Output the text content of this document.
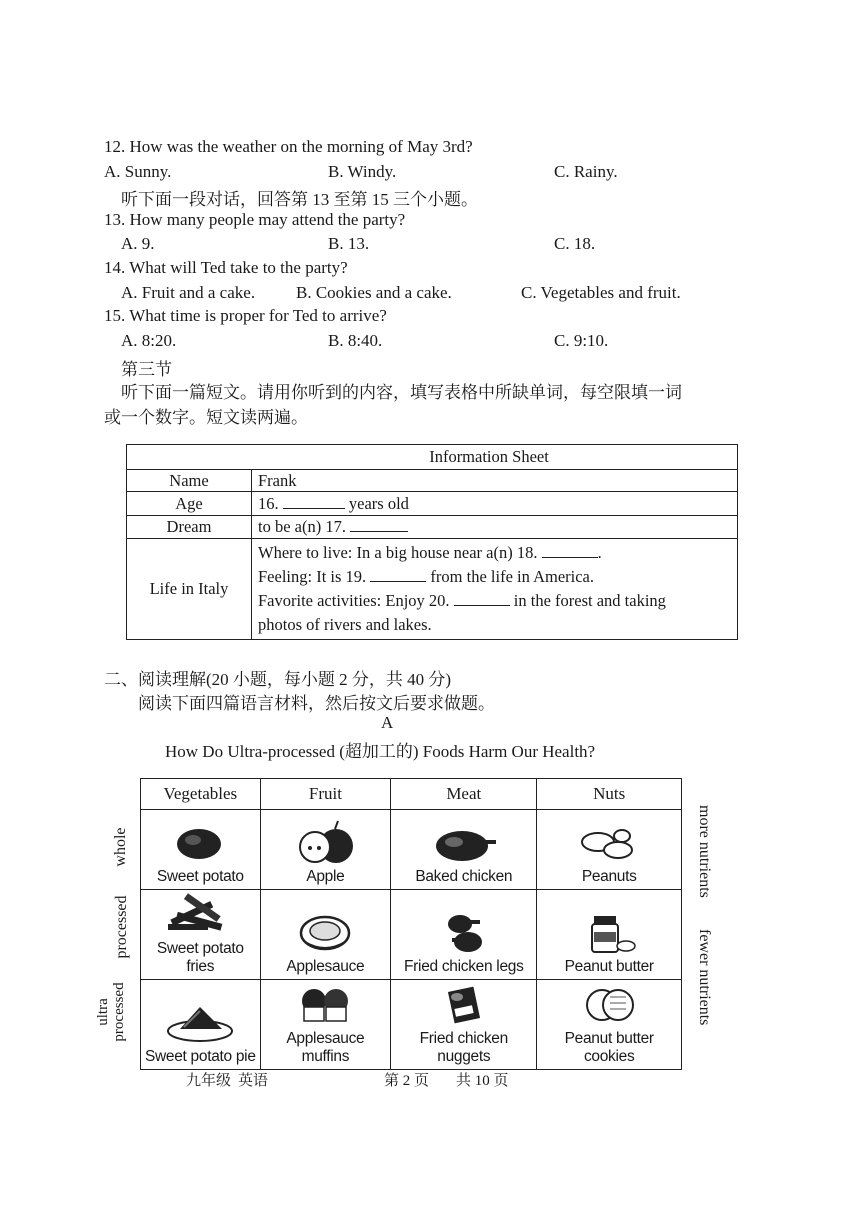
12. How was the weather on the morning of May 3rd?
A. Sunny.	B. Windy.	C. Rainy.
听下面一段对话，回答第 13 至第 15 三个小题。
13. How many people may attend the party?
A. 9.	B. 13.	C. 18.
14. What will Ted take to the party?
A. Fruit and a cake. B. Cookies and a cake.	C. Vegetables and fruit.
15. What time is proper for Ted to arrive?
A. 8:20.	B. 8:40.	C. 9:10.
第三节
听下面一篇短文。请用你听到的内容，填写表格中所缺单词，每空限填一词
或一个数字。短文读两遍。
Information Sheet	
Name	Frank
Age	16. years old
Dream	to be a(n) 17.
Life in Italy	Where to live: In a big house near a(n) 18. .
Feeling: It is 19. from the life in America.
Favorite activities: Enjoy 20. in the forest and taking
photos of rivers and lakes.
二、阅读理解(20 小题，每小题 2 分，共 40 分)
阅读下面四篇语言材料，然后按文后要求做题。
A
How Do Ultra-processed (超加工的) Foods Harm Our Health?
whole
processed
ultra processed
Vegetables	Fruit	Meat	Nuts

Sweet potato	Apple	Baked chicken	Peanuts

Sweet potato fries	Applesauce	Fried chicken legs	Peanut butter

Sweet potato pie	Applesauce muffins	Fried chicken nuggets	Peanut butter cookies
more nutrients
fewer nutrients
九年级 英语	第 2 页 共 10 页
